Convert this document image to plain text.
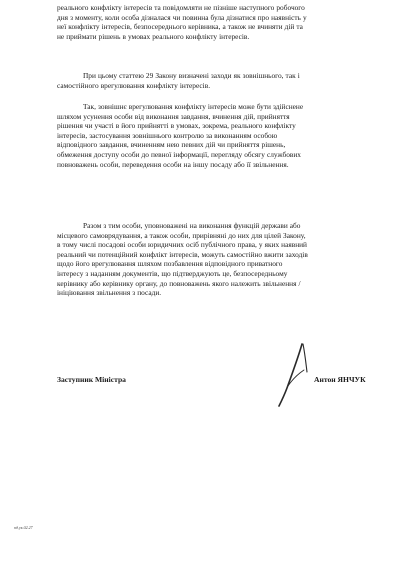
реального конфлікту інтересів та повідомляти не пізніше наступного робочого
дня з моменту, коли особа дізналася чи повинна була дізнатися про наявність у
неї конфлікту інтересів, безпосереднього керівника, а також не вчиняти дій та
не приймати рішень в умовах реального конфлікту інтересів.

При цьому статтею 29 Закону визначені заходи як зовнішнього, так і
самостійного врегулювання конфлікту інтересів.

Так, зовнішнє врегулювання конфлікту інтересів може бути здійснене
шляхом усунення особи від виконання завдання, вчинення дій, прийняття
рішення чи участі в його прийнятті в умовах, зокрема, реального конфлікту
інтересів, застосування зовнішнього контролю за виконанням особою
відповідного завдання, вчиненням нею певних дій чи прийняття рішень,
обмеження доступу особи до певної інформації, перегляду обсягу службових
повноважень особи, переведення особи на іншу посаду або її звільнення.

Разом з тим особи, уповноважені на виконання функцій держави або
місцевого самоврядування, а також особи, прирівняні до них для цілей Закону,
в тому числі посадові особи юридичних осіб публічного права, у яких наявний
реальний чи потенційний конфлікт інтересів, можуть самостійно вжити заходів
щодо його врегулювання шляхом позбавлення відповідного приватного
інтересу з наданням документів, що підтверджують це, безпосередньому
керівнику або керівнику органу, до повноважень якого належить звільнення /
ініціювання звільнення з посади.

Заступник Міністра	Антон ЯНЧУК

пд.ук.02.27
